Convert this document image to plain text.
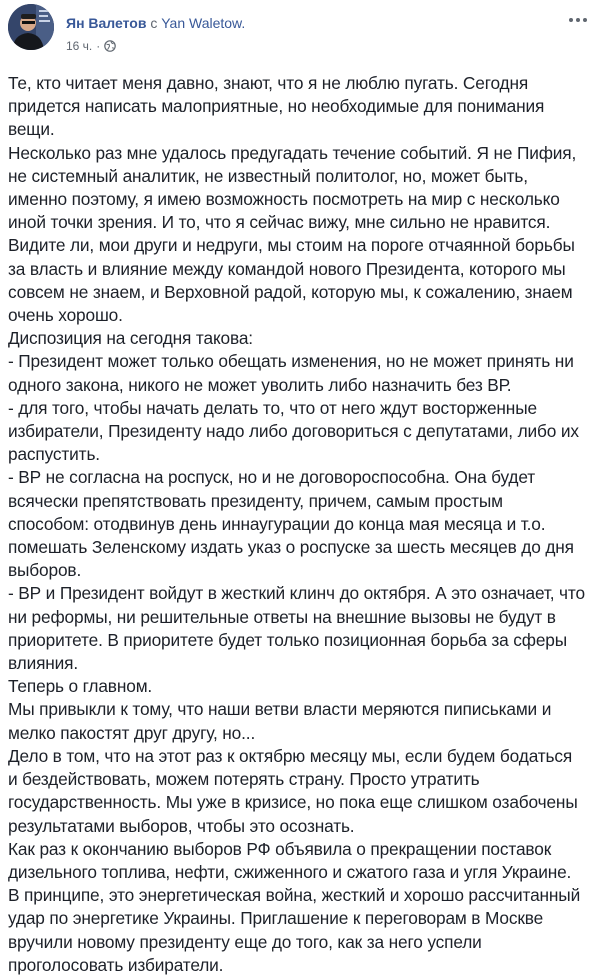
Ян Валетов с Yan Waletow.
16 ч. ·

Те, кто читает меня давно, знают, что я не люблю пугать. Сегодня

придется написать малоприятные, но необходимые для понимания

вещи.

Несколько раз мне удалось предугадать течение событий. Я не Пифия,

не системный аналитик, не известный политолог, но, может быть,

именно поэтому, я имею возможность посмотреть на мир с несколько

иной точки зрения. И то, что я сейчас вижу, мне сильно не нравится.

Видите ли, мои други и недруги, мы стоим на пороге отчаянной борьбы

за власть и влияние между командой нового Президента, которого мы

совсем не знаем, и Верховной радой, которую мы, к сожалению, знаем

очень хорошо.

Диспозиция на сегодня такова:

- Президент может только обещать изменения, но не может принять ни

одного закона, никого не может уволить либо назначить без ВР.

- для того, чтобы начать делать то, что от него ждут восторженные

избиратели, Президенту надо либо договориться с депутатами, либо их

распустить.

- ВР не согласна на роспуск, но и не договороспособна. Она будет

всячески препятствовать президенту, причем, самым простым

способом: отодвинув день иннаугурации до конца мая месяца и т.о.

помешать Зеленскому издать указ о роспуске за шесть месяцев до дня

выборов.

- ВР и Президент войдут в жесткий клинч до октября. А это означает, что

ни реформы, ни решительные ответы на внешние вызовы не будут в

приоритете. В приоритете будет только позиционная борьба за сферы

влияния.

Теперь о главном.

Мы привыкли к тому, что наши ветви власти меряются пиписьками и

мелко пакостят друг другу, но...

Дело в том, что на этот раз к октябрю месяцу мы, если будем бодаться

и бездействовать, можем потерять страну. Просто утратить

государственность. Мы уже в кризисе, но пока еще слишком озабочены

результатами выборов, чтобы это осознать.

Как раз к окончанию выборов РФ объявила о прекращении поставок

дизельного топлива, нефти, сжиженного и сжатого газа и угля Украине.

В принципе, это энергетическая война, жесткий и хорошо рассчитанный

удар по энергетике Украины. Приглашение к переговорам в Москве

вручили новому президенту еще до того, как за него успели

проголосовать избиратели.
